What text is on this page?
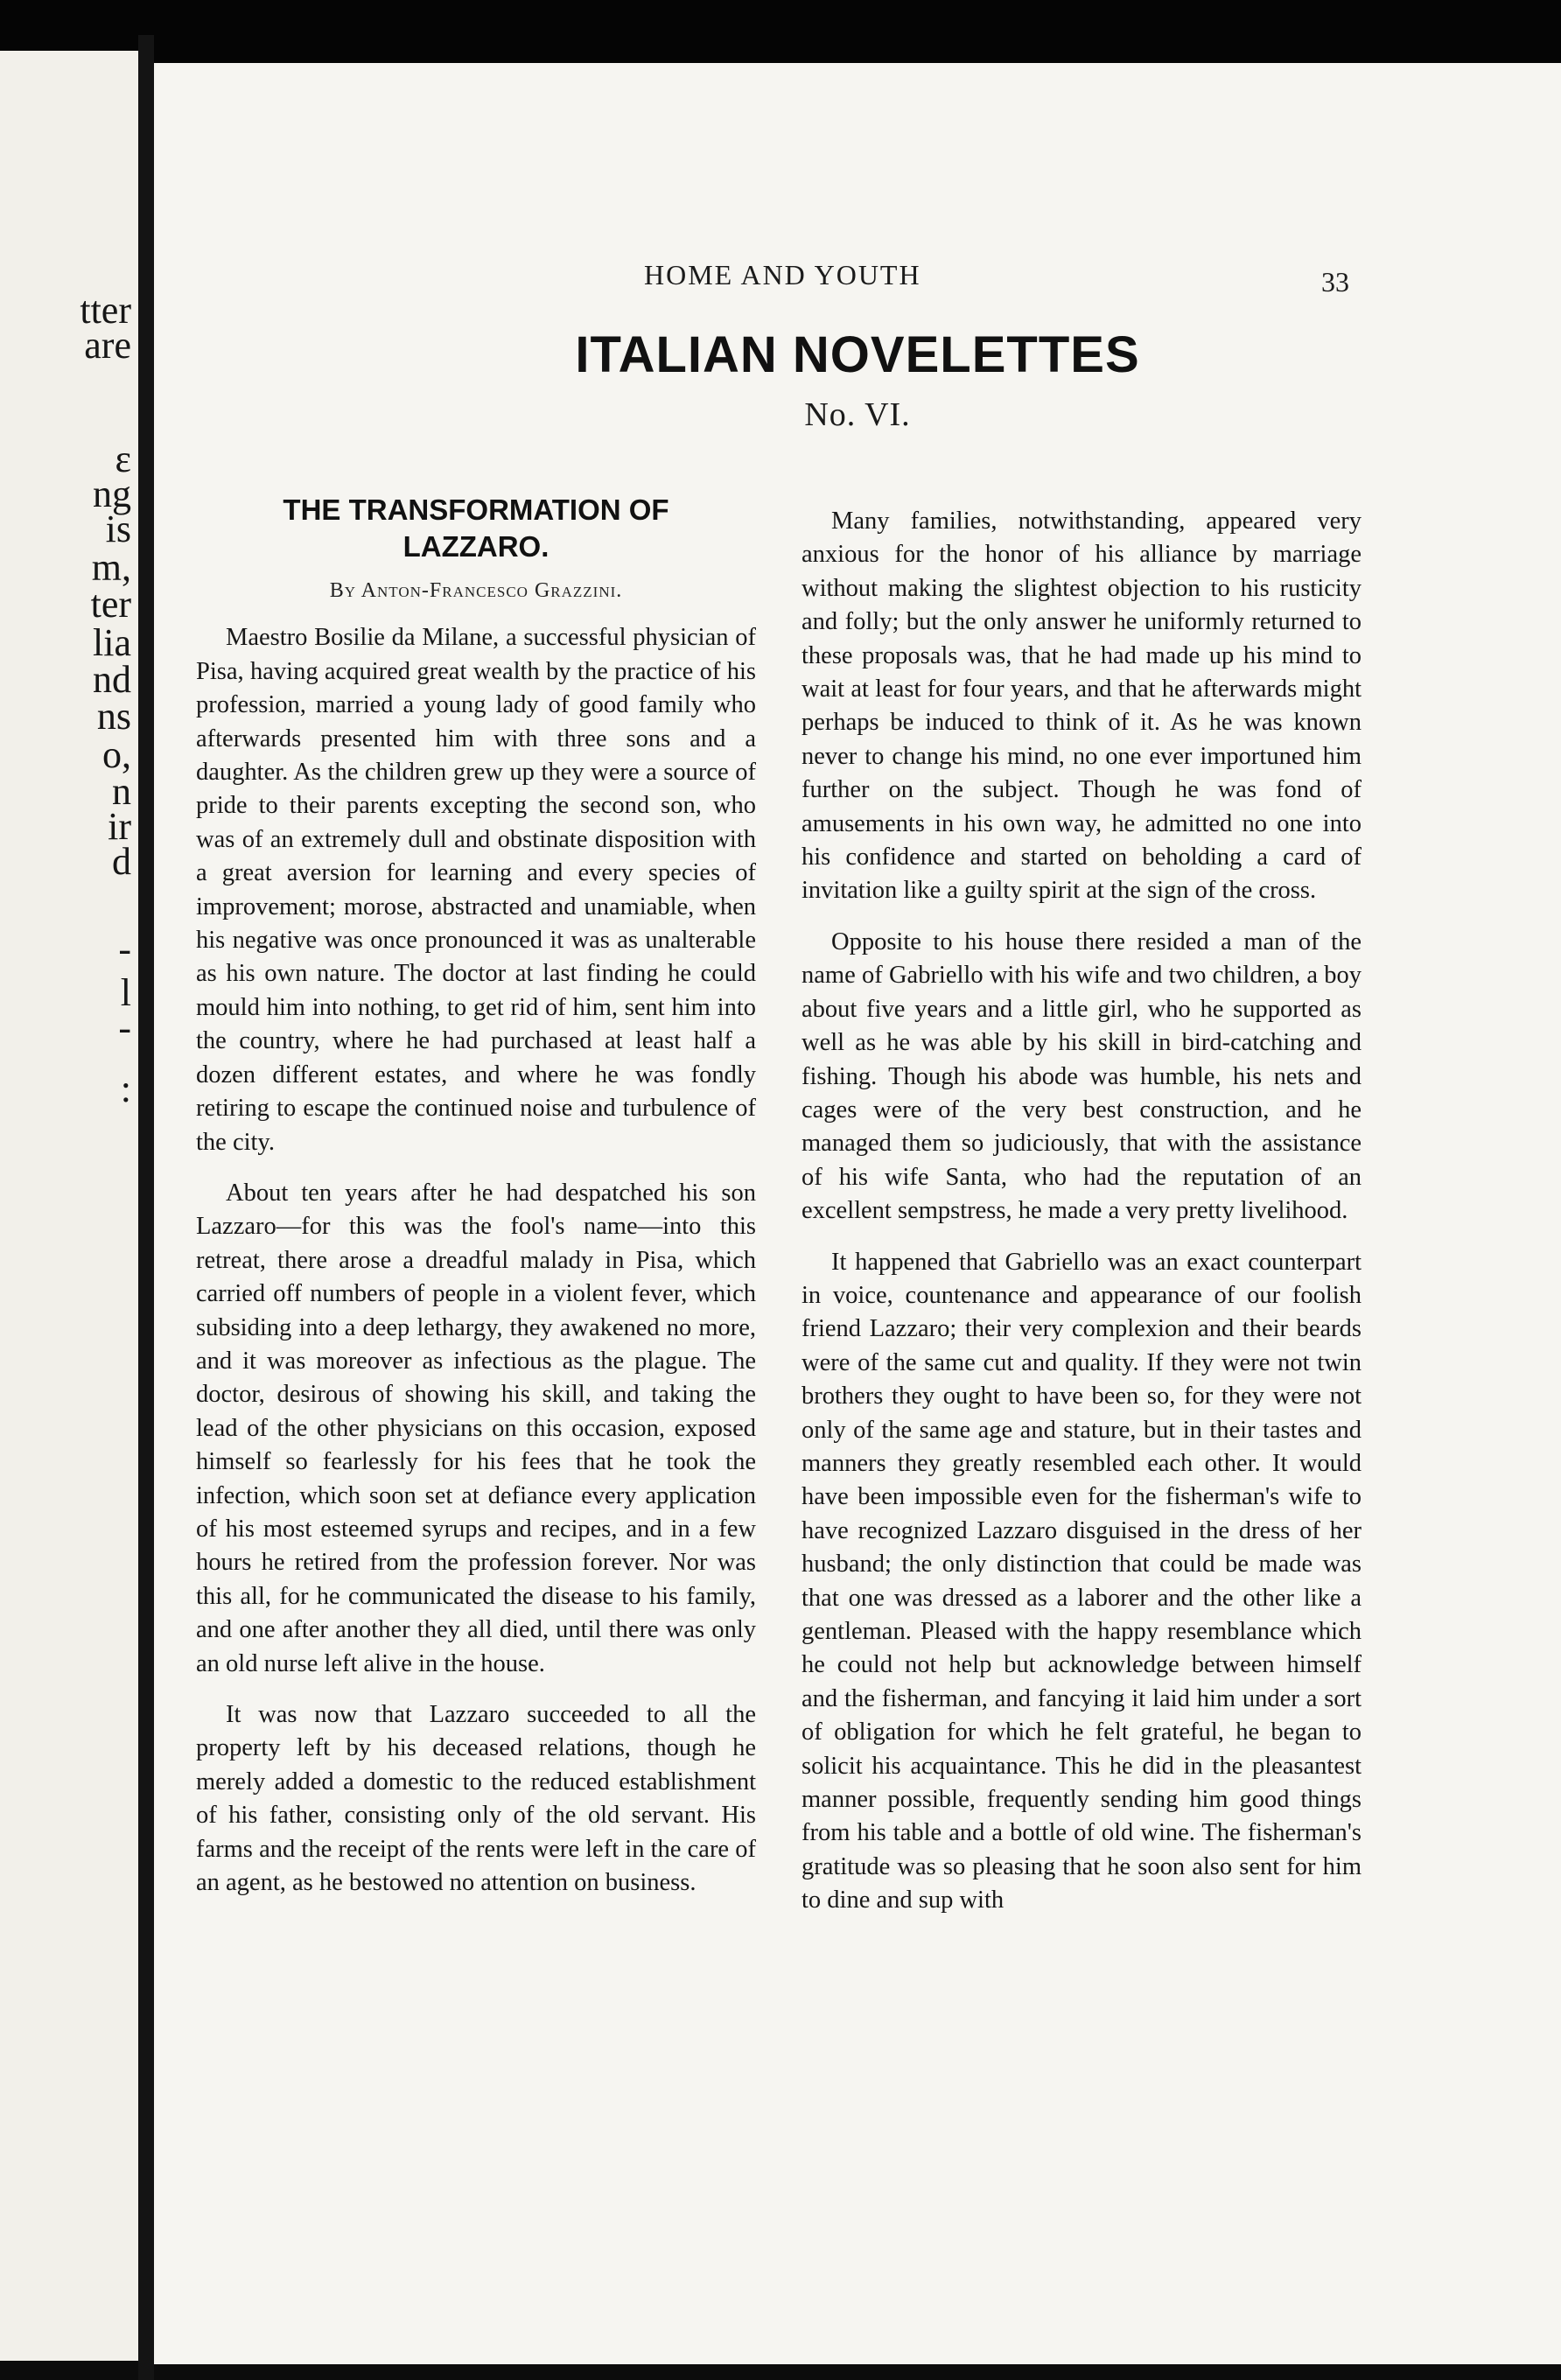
tter
are
ε
ng
is
m,
ter
lia
nd
ns
o,
n
ir
d
-
l
-
:
HOME AND YOUTH	33
ITALIAN NOVELETTES
No. VI.
THE TRANSFORMATION OF
LAZZARO.
By Anton-Francesco Grazzini.

Maestro Bosilie da Milane, a successful physician of Pisa, having acquired great wealth by the practice of his profession, married a young lady of good family who afterwards presented him with three sons and a daughter. As the children grew up they were a source of pride to their parents excepting the second son, who was of an extremely dull and obstinate disposition with a great aversion for learning and every species of improvement; morose, abstracted and unamiable, when his negative was once pronounced it was as unalterable as his own nature. The doctor at last finding he could mould him into nothing, to get rid of him, sent him into the country, where he had purchased at least half a dozen different estates, and where he was fondly retiring to escape the continued noise and turbulence of the city.

About ten years after he had despatched his son Lazzaro—for this was the fool's name—into this retreat, there arose a dreadful malady in Pisa, which carried off numbers of people in a violent fever, which subsiding into a deep lethargy, they awakened no more, and it was moreover as infectious as the plague. The doctor, desirous of showing his skill, and taking the lead of the other physicians on this occasion, exposed himself so fearlessly for his fees that he took the infection, which soon set at defiance every application of his most esteemed syrups and recipes, and in a few hours he retired from the profession forever. Nor was this all, for he communicated the disease to his family, and one after another they all died, until there was only an old nurse left alive in the house.

It was now that Lazzaro succeeded to all the property left by his deceased relations, though he merely added a domestic to the reduced establishment of his father, consisting only of the old servant. His farms and the receipt of the rents were left in the care of an agent, as he bestowed no attention on business.

Many families, notwithstanding, appeared very anxious for the honor of his alliance by marriage without making the slightest objection to his rusticity and folly; but the only answer he uniformly returned to these proposals was, that he had made up his mind to wait at least for four years, and that he afterwards might perhaps be induced to think of it. As he was known never to change his mind, no one ever importuned him further on the subject. Though he was fond of amusements in his own way, he admitted no one into his confidence and started on beholding a card of invitation like a guilty spirit at the sign of the cross.

Opposite to his house there resided a man of the name of Gabriello with his wife and two children, a boy about five years and a little girl, who he supported as well as he was able by his skill in bird-catching and fishing. Though his abode was humble, his nets and cages were of the very best construction, and he managed them so judiciously, that with the assistance of his wife Santa, who had the reputation of an excellent sempstress, he made a very pretty livelihood.

It happened that Gabriello was an exact counterpart in voice, countenance and appearance of our foolish friend Lazzaro; their very complexion and their beards were of the same cut and quality. If they were not twin brothers they ought to have been so, for they were not only of the same age and stature, but in their tastes and manners they greatly resembled each other. It would have been impossible even for the fisherman's wife to have recognized Lazzaro disguised in the dress of her husband; the only distinction that could be made was that one was dressed as a laborer and the other like a gentleman. Pleased with the happy resemblance which he could not help but acknowledge between himself and the fisherman, and fancying it laid him under a sort of obligation for which he felt grateful, he began to solicit his acquaintance. This he did in the pleasantest manner possible, frequently sending him good things from his table and a bottle of old wine. The fisherman's gratitude was so pleasing that he soon also sent for him to dine and sup with
